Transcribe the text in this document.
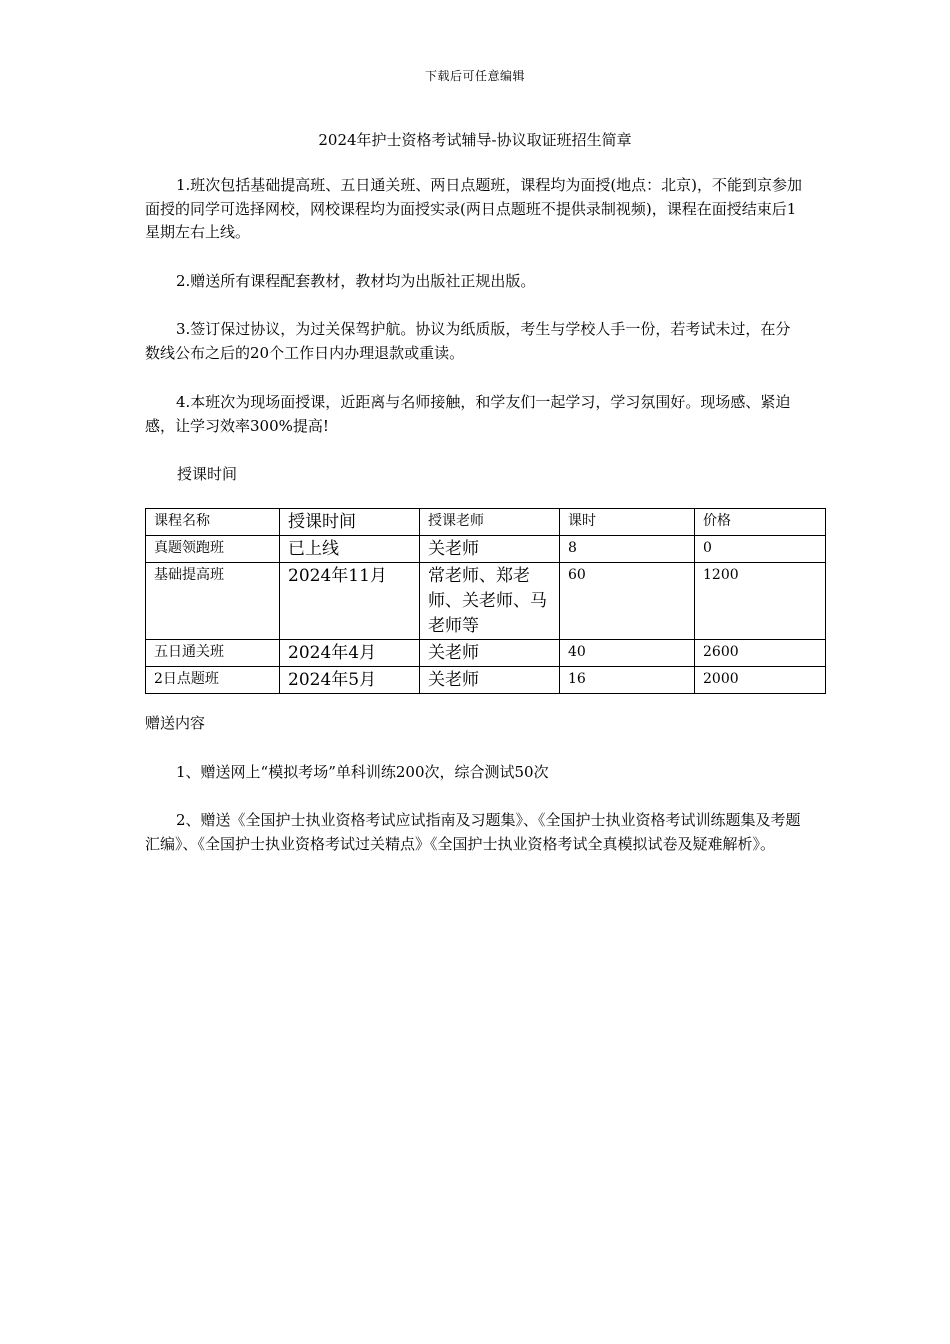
下载后可任意编辑
2024年护士资格考试辅导-协议取证班招生简章

1.班次包括基础提高班、五日通关班、两日点题班，课程均为面授(地点：北京)，不能到京参加面授的同学可选择网校，网校课程均为面授实录(两日点题班不提供录制视频)，课程在面授结束后1星期左右上线。

2.赠送所有课程配套教材，教材均为出版社正规出版。

3.签订保过协议，为过关保驾护航。协议为纸质版，考生与学校人手一份，若考试未过，在分数线公布之后的20个工作日内办理退款或重读。

4.本班次为现场面授课，近距离与名师接触，和学友们一起学习，学习氛围好。现场感、紧迫感，让学习效率300%提高!

授课时间

课程名称	授课时间	授课老师	课时	价格
真题领跑班	已上线	关老师	8	0
基础提高班	2024年11月	常老师、郑老师、关老师、马老师等	60	1200
五日通关班	2024年4月	关老师	40	2600
2日点题班	2024年5月	关老师	16	2000

赠送内容

1、赠送网上“模拟考场”单科训练200次，综合测试50次

2、赠送《全国护士执业资格考试应试指南及习题集》、《全国护士执业资格考试训练题集及考题汇编》、《全国护士执业资格考试过关精点》《全国护士执业资格考试全真模拟试卷及疑难解析》。
